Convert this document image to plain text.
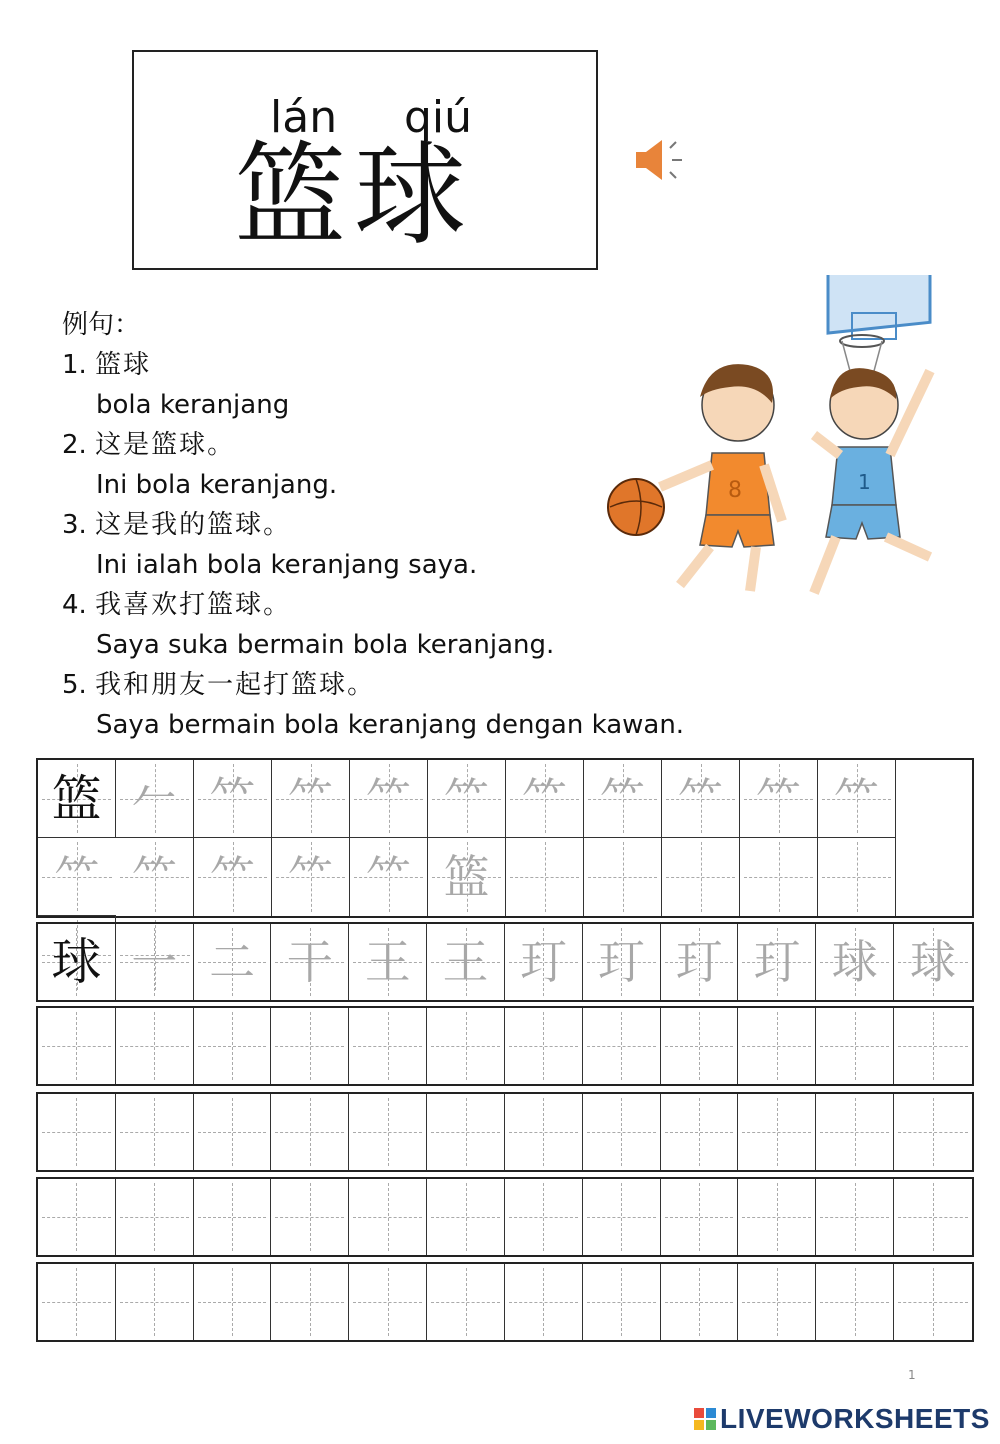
lán qiú
篮球
例句：
1. 篮球
bola keranjang
2. 这是篮球。
Ini bola keranjang.
3. 这是我的篮球。
Ini ialah bola keranjang saya.
4. 我喜欢打篮球。
Saya suka bermain bola keranjang.
5. 我和朋友一起打篮球。
Saya bermain bola keranjang dengan kawan.
8	1
篮 𠂉 𥫗 ⺮ ⺮ ⺮ ⺮ ⺮ ⺮ ⺮ ⺮
⺮ ⺮ ⺮ ⺮ ⺮ 篮
球 一 二 干 王 王 玎 玎 玎 玎 球 球
1
LIVEWORKSHEETS
